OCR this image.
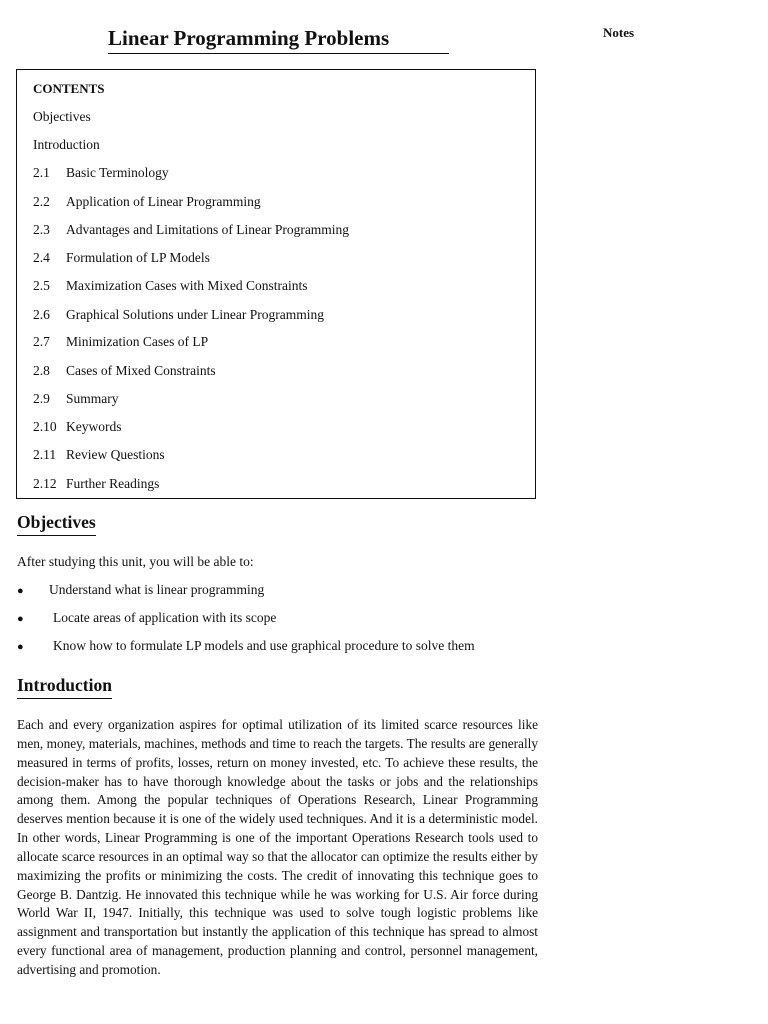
Linear Programming Problems	Notes
CONTENTS
Objectives
Introduction
2.1 Basic Terminology
2.2 Application of Linear Programming
2.3 Advantages and Limitations of Linear Programming
2.4 Formulation of LP Models
2.5 Maximization Cases with Mixed Constraints
2.6 Graphical Solutions under Linear Programming
2.7 Minimization Cases of LP
2.8 Cases of Mixed Constraints
2.9 Summary
2.10 Keywords
2.11 Review Questions
2.12 Further Readings
Objectives

After studying this unit, you will be able to:

● Understand what is linear programming
● Locate areas of application with its scope
● Know how to formulate LP models and use graphical procedure to solve them
Introduction

Each and every organization aspires for optimal utilization of its limited scarce resources like men, money, materials, machines, methods and time to reach the targets. The results are generally measured in terms of profits, losses, return on money invested, etc. To achieve these results, the decision-maker has to have thorough knowledge about the tasks or jobs and the relationships among them. Among the popular techniques of Operations Research, Linear Programming deserves mention because it is one of the widely used techniques. And it is a deterministic model. In other words, Linear Programming is one of the important Operations Research tools used to allocate scarce resources in an optimal way so that the allocator can optimize the results either by maximizing the profits or minimizing the costs. The credit of innovating this technique goes to George B. Dantzig. He innovated this technique while he was working for U.S. Air force during World War II, 1947. Initially, this technique was used to solve tough logistic problems like assignment and transportation but instantly the application of this technique has spread to almost every functional area of management, production planning and control, personnel management, advertising and promotion.
